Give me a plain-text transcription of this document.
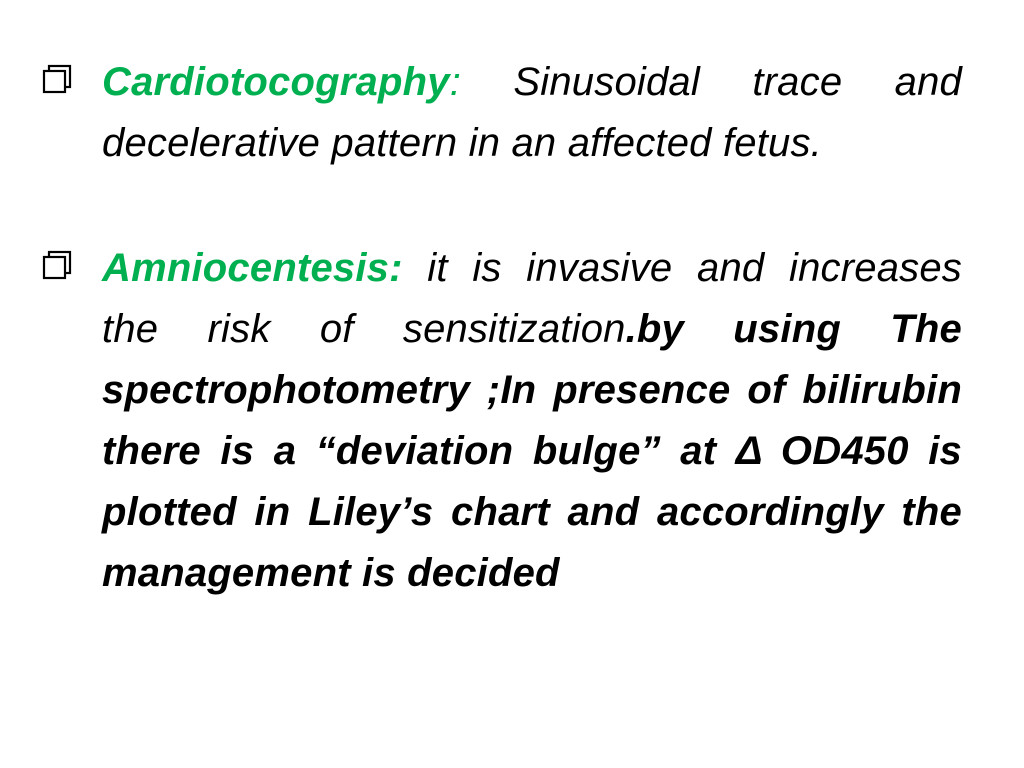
Cardiotocography: Sinusoidal trace and decelerative pattern in an affected fetus.
Amniocentesis: it is invasive and increases the risk of sensitization.by using The spectrophotometry ;In presence of bilirubin there is a “deviation bulge” at Δ OD450 is plotted in Liley’s chart and accordingly the management is decided
